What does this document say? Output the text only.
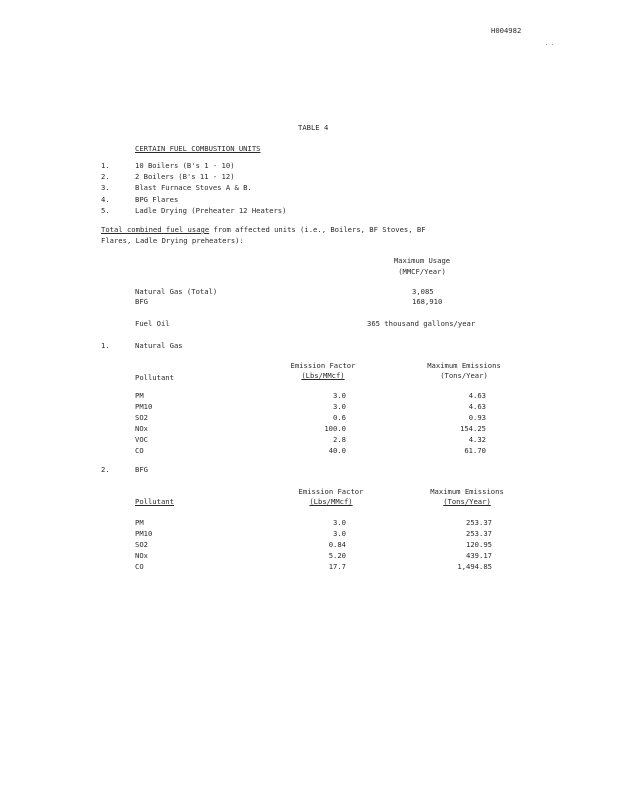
H004982
. .
TABLE 4
CERTAIN FUEL COMBUSTION UNITS
1.	10 Boilers (B's 1 - 10)
2.	2 Boilers (B's 11 - 12)
3.	Blast Furnace Stoves A & B.
4.	BPG Flares
5.	Ladle Drying (Preheater 12 Heaters)
Total combined fuel usage from affected units (i.e., Boilers, BF Stoves, BF
Flares, Ladle Drying preheaters):
Maximum Usage
(MMCF/Year)
Natural Gas (Total)	3,085
BFG	168,910
Fuel Oil	365 thousand gallons/year
1.	Natural Gas
Emission Factor
(Lbs/MMcf)
Maximum Emissions
(Tons/Year)
Pollutant
PM	3.0	4.63
PM10	3.0	4.63
SO2	0.6	0.93
NOx	100.0	154.25
VOC	2.8	4.32
CO	40.0	61.70
2.	BFG
Emission Factor
(Lbs/MMcf)
Maximum Emissions
(Tons/Year)
Pollutant
PM	3.0	253.37
PM10	3.0	253.37
SO2	0.84	120.95
NOx	5.20	439.17
CO	17.7	1,494.85
